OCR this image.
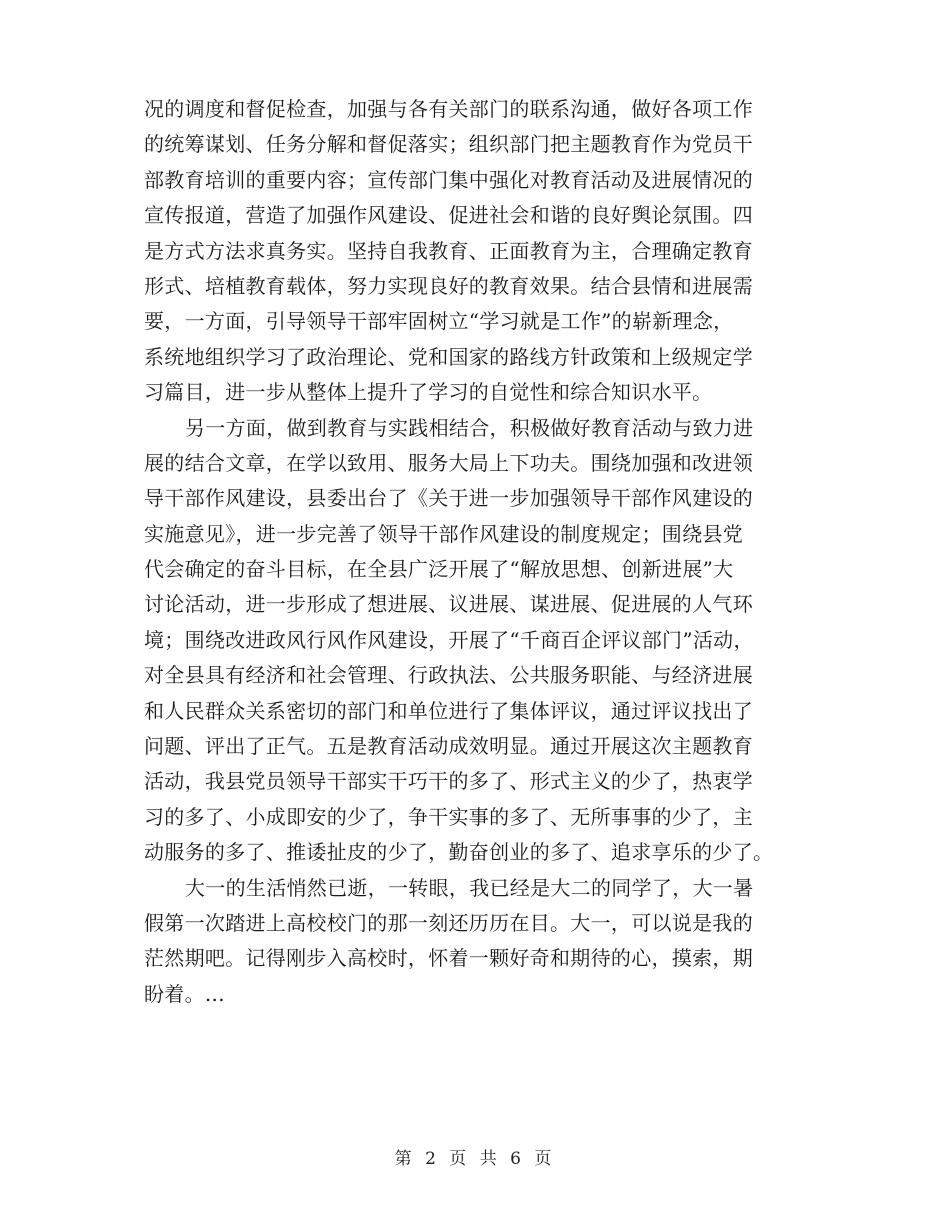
况的调度和督促检查，加强与各有关部门的联系沟通，做好各项工作
的统筹谋划、任务分解和督促落实；组织部门把主题教育作为党员干
部教育培训的重要内容；宣传部门集中强化对教育活动及进展情况的
宣传报道，营造了加强作风建设、促进社会和谐的良好舆论氛围。四
是方式方法求真务实。坚持自我教育、正面教育为主，合理确定教育
形式、培植教育载体，努力实现良好的教育效果。结合县情和进展需
要，一方面，引导领导干部牢固树立“学习就是工作”的崭新理念，
系统地组织学习了政治理论、党和国家的路线方针政策和上级规定学
习篇目，进一步从整体上提升了学习的自觉性和综合知识水平。
另一方面，做到教育与实践相结合，积极做好教育活动与致力进
展的结合文章，在学以致用、服务大局上下功夫。围绕加强和改进领
导干部作风建设，县委出台了《关于进一步加强领导干部作风建设的
实施意见》，进一步完善了领导干部作风建设的制度规定；围绕县党
代会确定的奋斗目标，在全县广泛开展了“解放思想、创新进展”大
讨论活动，进一步形成了想进展、议进展、谋进展、促进展的人气环
境；围绕改进政风行风作风建设，开展了“千商百企评议部门”活动，
对全县具有经济和社会管理、行政执法、公共服务职能、与经济进展
和人民群众关系密切的部门和单位进行了集体评议，通过评议找出了
问题、评出了正气。五是教育活动成效明显。通过开展这次主题教育
活动，我县党员领导干部实干巧干的多了、形式主义的少了，热衷学
习的多了、小成即安的少了，争干实事的多了、无所事事的少了，主
动服务的多了、推诿扯皮的少了，勤奋创业的多了、追求享乐的少了。
大一的生活悄然已逝，一转眼，我已经是大二的同学了，大一暑
假第一次踏进上高校校门的那一刻还历历在目。大一，可以说是我的
茫然期吧。记得刚步入高校时，怀着一颗好奇和期待的心，摸索，期
盼着。...
第 2 页 共 6 页
